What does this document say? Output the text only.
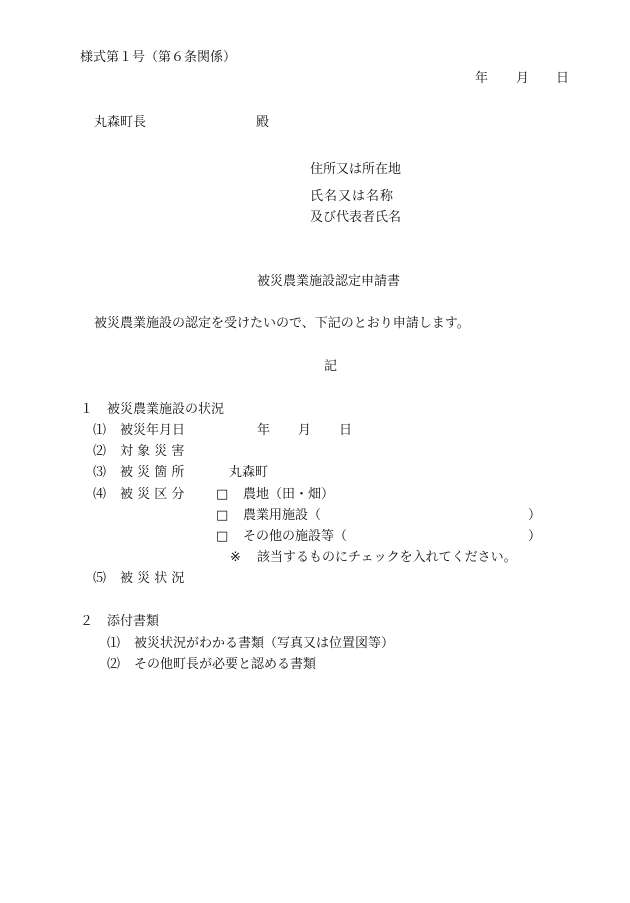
様式第１号（第６条関係）
年 月 日
丸森町長	殿
住所又は所在地
氏名又は名称
及び代表者氏名
被災農業施設認定申請書
被災農業施設の認定を受けたいので、下記のとおり申請します。
記
１ 被災農業施設の状況
⑴ 被災年月日	年 月 日
⑵ 対 象 災 害
⑶ 被 災 箇 所	丸森町
⑷ 被 災 区 分 □ 農地（田・畑）
□ 農業用施設（	）
□ その他の施設等（	）
※ 該当するものにチェックを入れてください。
⑸ 被 災 状 況
２ 添付書類
⑴ 被災状況がわかる書類（写真又は位置図等）
⑵ その他町長が必要と認める書類
